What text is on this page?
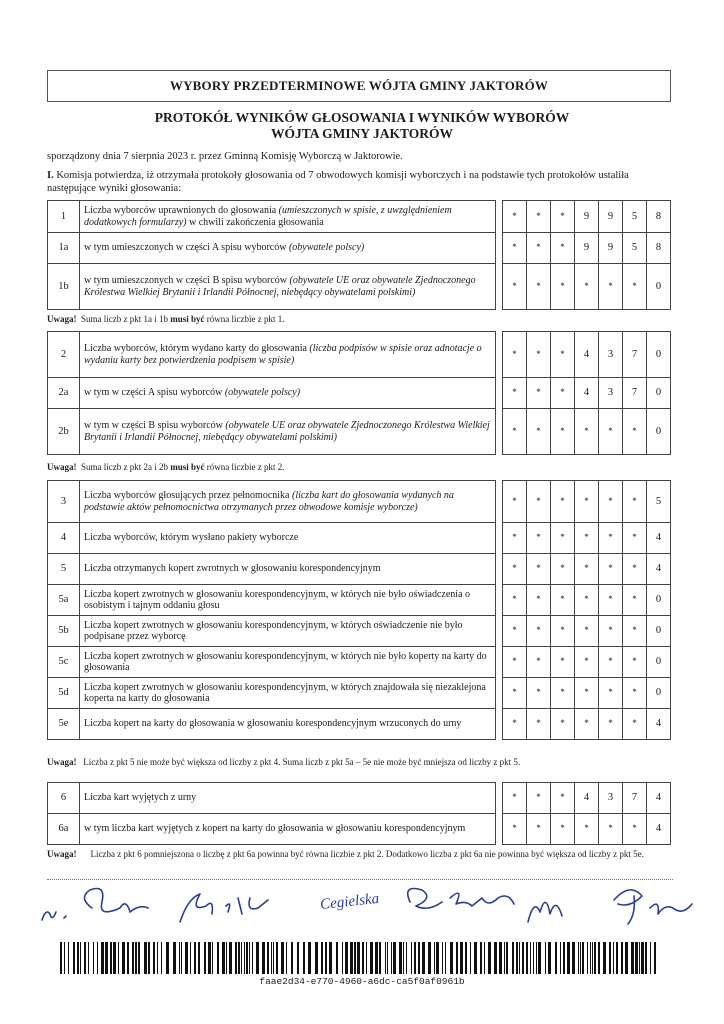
WYBORY PRZEDTERMINOWE WÓJTA GMINY JAKTORÓW
PROTOKÓŁ WYNIKÓW GŁOSOWANIA I WYNIKÓW WYBORÓW
WÓJTA GMINY JAKTORÓW
sporządzony dnia 7 sierpnia 2023 r. przez Gminną Komisję Wyborczą w Jaktorowie.
I. Komisja potwierdza, iż otrzymała protokoły głosowania od 7 obwodowych komisji wyborczych i na podstawie tych protokołów ustaliła następujące wyniki głosowania:
1	Liczba wyborców uprawnionych do głosowania (umieszczonych w spisie, z uwzględnieniem dodatkowych formularzy) w chwili zakończenia głosowania		*	*	*	9	9	5	8
1a	w tym umieszczonych w części A spisu wyborców (obywatele polscy)		*	*	*	9	9	5	8
1b	w tym umieszczonych w części B spisu wyborców (obywatele UE oraz obywatele Zjednoczonego Królestwa Wielkiej Brytanii i Irlandii Północnej, niebędący obywatelami polskimi)		*	*	*	*	*	*	0
Uwaga! Suma liczb z pkt 1a i 1b musi być równa liczbie z pkt 1.
2	Liczba wyborców, którym wydano karty do głosowania (liczba podpisów w spisie oraz adnotacje o wydaniu karty bez potwierdzenia podpisem w spisie)		*	*	*	4	3	7	0
2a	w tym w części A spisu wyborców (obywatele polscy)		*	*	*	4	3	7	0
2b	w tym w części B spisu wyborców (obywatele UE oraz obywatele Zjednoczonego Królestwa Wielkiej Brytanii i Irlandii Północnej, niebędący obywatelami polskimi)		*	*	*	*	*	*	0
Uwaga! Suma liczb z pkt 2a i 2b musi być równa liczbie z pkt 2.
3	Liczba wyborców głosujących przez pełnomocnika (liczba kart do głosowania wydanych na podstawie aktów pełnomocnictwa otrzymanych przez obwodowe komisje wyborcze)		*	*	*	*	*	*	5
4	Liczba wyborców, którym wysłano pakiety wyborcze		*	*	*	*	*	*	4
5	Liczba otrzymanych kopert zwrotnych w głosowaniu korespondencyjnym		*	*	*	*	*	*	4
5a	Liczba kopert zwrotnych w głosowaniu korespondencyjnym, w których nie było oświadczenia o osobistym i tajnym oddaniu głosu		*	*	*	*	*	*	0
5b	Liczba kopert zwrotnych w głosowaniu korespondencyjnym, w których oświadczenie nie było podpisane przez wyborcę		*	*	*	*	*	*	0
5c	Liczba kopert zwrotnych w głosowaniu korespondencyjnym, w których nie było koperty na karty do głosowania		*	*	*	*	*	*	0
5d	Liczba kopert zwrotnych w głosowaniu korespondencyjnym, w których znajdowała się niezaklejona koperta na karty do głosowania		*	*	*	*	*	*	0
5e	Liczba kopert na karty do głosowania w głosowaniu korespondencyjnym wrzuconych do urny		*	*	*	*	*	*	4
Uwaga! Liczba z pkt 5 nie może być większa od liczby z pkt 4. Suma liczb z pkt 5a – 5e nie może być mniejsza od liczby z pkt 5.
6	Liczba kart wyjętych z urny		*	*	*	4	3	7	4
6a	w tym liczba kart wyjętych z kopert na karty do głosowania w głosowaniu korespondencyjnym		*	*	*	*	*	*	4
Uwaga! Liczba z pkt 6 pomniejszona o liczbę z pkt 6a powinna być równa liczbie z pkt 2. Dodatkowo liczba z pkt 6a nie powinna być większa od liczby z pkt 5e.
Cegielska
faae2d34-e770-4960-a6dc-ca5f0af0961b
